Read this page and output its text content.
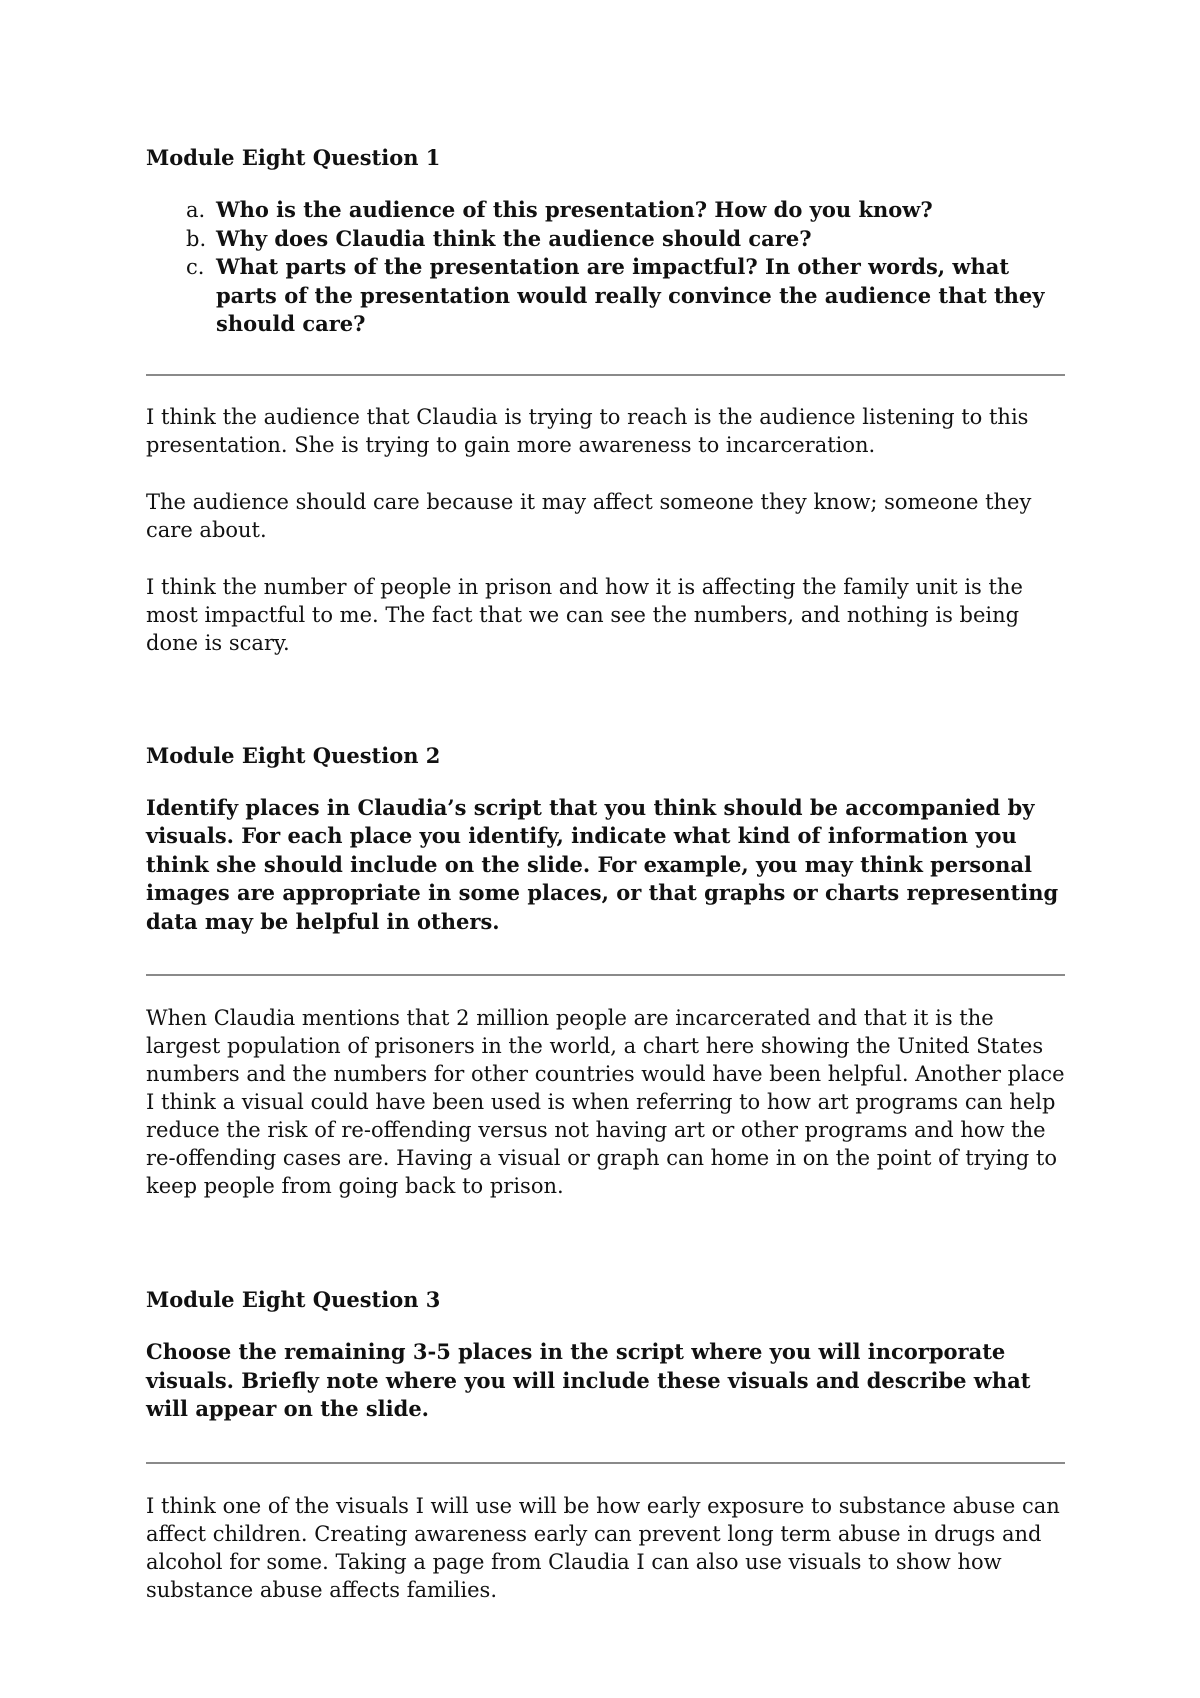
Module Eight Question 1

a. Who is the audience of this presentation? How do you know?
b. Why does Claudia think the audience should care?
c. What parts of the presentation are impactful? In other words, what parts of the presentation would really convince the audience that they should care?

I think the audience that Claudia is trying to reach is the audience listening to this presentation. She is trying to gain more awareness to incarceration.

The audience should care because it may affect someone they know; someone they care about.

I think the number of people in prison and how it is affecting the family unit is the most impactful to me. The fact that we can see the numbers, and nothing is being done is scary.

Module Eight Question 2

Identify places in Claudia’s script that you think should be accompanied by visuals. For each place you identify, indicate what kind of information you think she should include on the slide. For example, you may think personal images are appropriate in some places, or that graphs or charts representing data may be helpful in others.

When Claudia mentions that 2 million people are incarcerated and that it is the largest population of prisoners in the world, a chart here showing the United States numbers and the numbers for other countries would have been helpful. Another place I think a visual could have been used is when referring to how art programs can help reduce the risk of re-offending versus not having art or other programs and how the re-offending cases are. Having a visual or graph can home in on the point of trying to keep people from going back to prison.

Module Eight Question 3

Choose the remaining 3-5 places in the script where you will incorporate visuals. Briefly note where you will include these visuals and describe what will appear on the slide.

I think one of the visuals I will use will be how early exposure to substance abuse can affect children. Creating awareness early can prevent long term abuse in drugs and alcohol for some. Taking a page from Claudia I can also use visuals to show how substance abuse affects families.
